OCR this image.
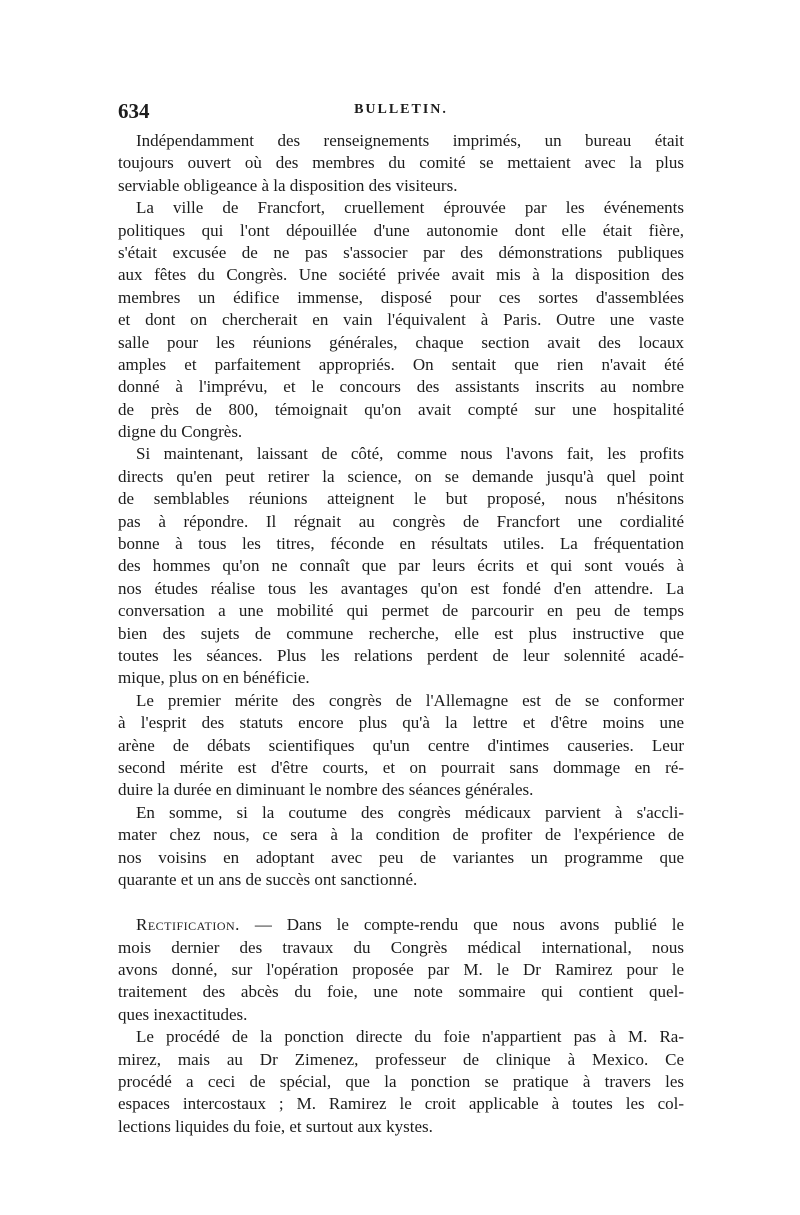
634	BULLETIN.
Indépendamment des renseignements imprimés, un bureau était
toujours ouvert où des membres du comité se mettaient avec la plus
serviable obligeance à la disposition des visiteurs.
La ville de Francfort, cruellement éprouvée par les événements
politiques qui l'ont dépouillée d'une autonomie dont elle était fière,
s'était excusée de ne pas s'associer par des démonstrations publiques
aux fêtes du Congrès. Une société privée avait mis à la disposition des
membres un édifice immense, disposé pour ces sortes d'assemblées
et dont on chercherait en vain l'équivalent à Paris. Outre une vaste
salle pour les réunions générales, chaque section avait des locaux
amples et parfaitement appropriés. On sentait que rien n'avait été
donné à l'imprévu, et le concours des assistants inscrits au nombre
de près de 800, témoignait qu'on avait compté sur une hospitalité
digne du Congrès.
Si maintenant, laissant de côté, comme nous l'avons fait, les profits
directs qu'en peut retirer la science, on se demande jusqu'à quel point
de semblables réunions atteignent le but proposé, nous n'hésitons
pas à répondre. Il régnait au congrès de Francfort une cordialité
bonne à tous les titres, féconde en résultats utiles. La fréquentation
des hommes qu'on ne connaît que par leurs écrits et qui sont voués à
nos études réalise tous les avantages qu'on est fondé d'en attendre. La
conversation a une mobilité qui permet de parcourir en peu de temps
bien des sujets de commune recherche, elle est plus instructive que
toutes les séances. Plus les relations perdent de leur solennité acadé-
mique, plus on en bénéficie.
Le premier mérite des congrès de l'Allemagne est de se conformer
à l'esprit des statuts encore plus qu'à la lettre et d'être moins une
arène de débats scientifiques qu'un centre d'intimes causeries. Leur
second mérite est d'être courts, et on pourrait sans dommage en ré-
duire la durée en diminuant le nombre des séances générales.
En somme, si la coutume des congrès médicaux parvient à s'accli-
mater chez nous, ce sera à la condition de profiter de l'expérience de
nos voisins en adoptant avec peu de variantes un programme que
quarante et un ans de succès ont sanctionné.
Rectification. — Dans le compte-rendu que nous avons publié le
mois dernier des travaux du Congrès médical international, nous
avons donné, sur l'opération proposée par M. le Dr Ramirez pour le
traitement des abcès du foie, une note sommaire qui contient quel-
ques inexactitudes.
Le procédé de la ponction directe du foie n'appartient pas à M. Ra-
mirez, mais au Dr Zimenez, professeur de clinique à Mexico. Ce
procédé a ceci de spécial, que la ponction se pratique à travers les
espaces intercostaux ; M. Ramirez le croit applicable à toutes les col-
lections liquides du foie, et surtout aux kystes.
